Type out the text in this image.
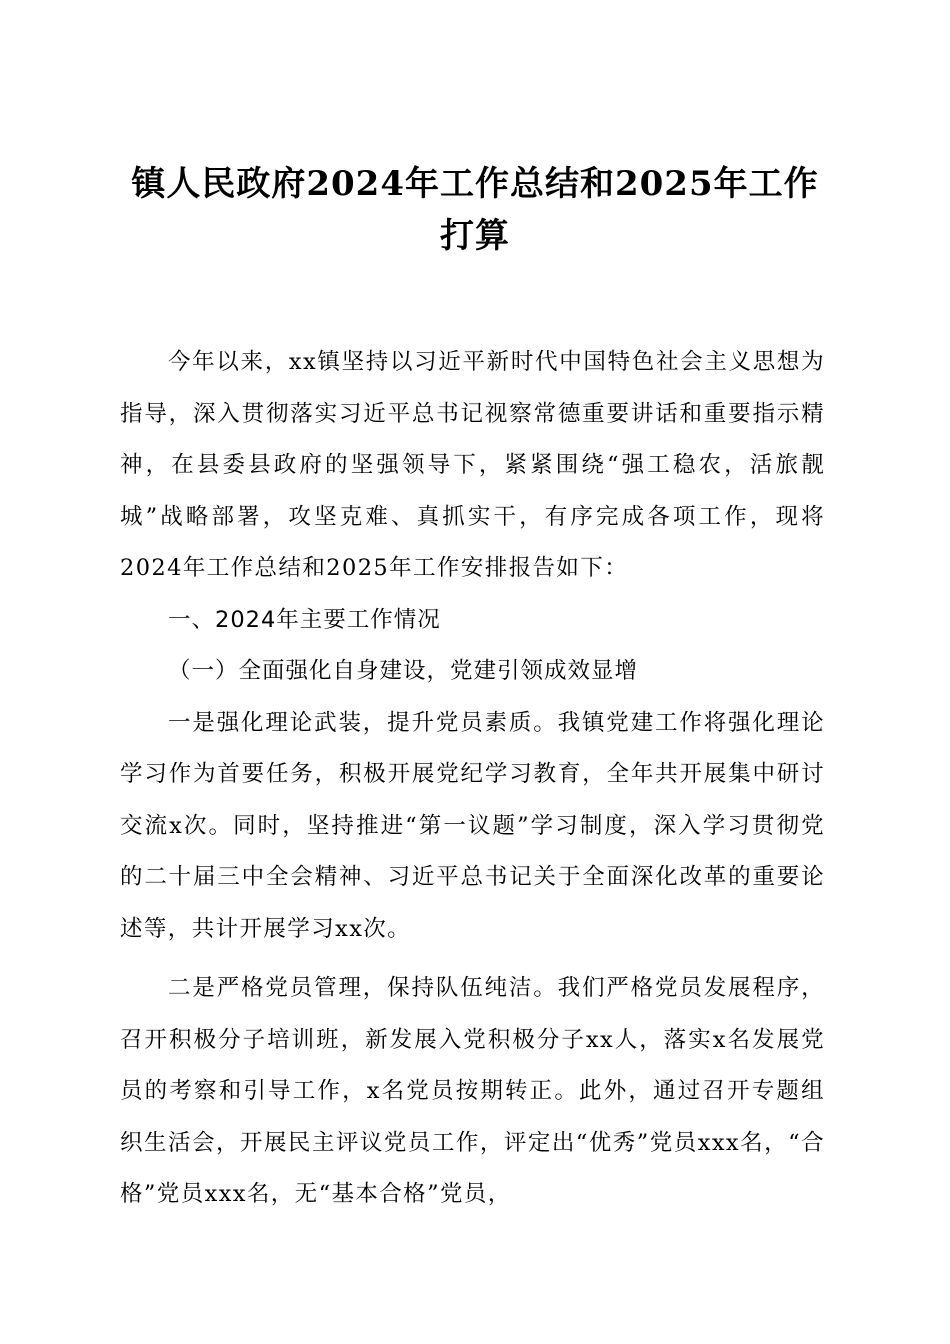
镇人民政府2024年工作总结和2025年工作打算

今年以来，xx镇坚持以习近平新时代中国特色社会主义思想为指导，深入贯彻落实习近平总书记视察常德重要讲话和重要指示精神，在县委县政府的坚强领导下，紧紧围绕“强工稳农，活旅靓城”战略部署，攻坚克难、真抓实干，有序完成各项工作，现将2024年工作总结和2025年工作安排报告如下：

一、2024年主要工作情况

（一）全面强化自身建设，党建引领成效显增

一是强化理论武装，提升党员素质。我镇党建工作将强化理论学习作为首要任务，积极开展党纪学习教育，全年共开展集中研讨交流x次。同时，坚持推进“第一议题”学习制度，深入学习贯彻党的二十届三中全会精神、习近平总书记关于全面深化改革的重要论述等，共计开展学习xx次。

二是严格党员管理，保持队伍纯洁。我们严格党员发展程序，召开积极分子培训班，新发展入党积极分子xx人，落实x名发展党员的考察和引导工作，x名党员按期转正。此外，通过召开专题组织生活会，开展民主评议党员工作，评定出“优秀”党员xxx名，“合格”党员xxx名，无“基本合格”党员，
